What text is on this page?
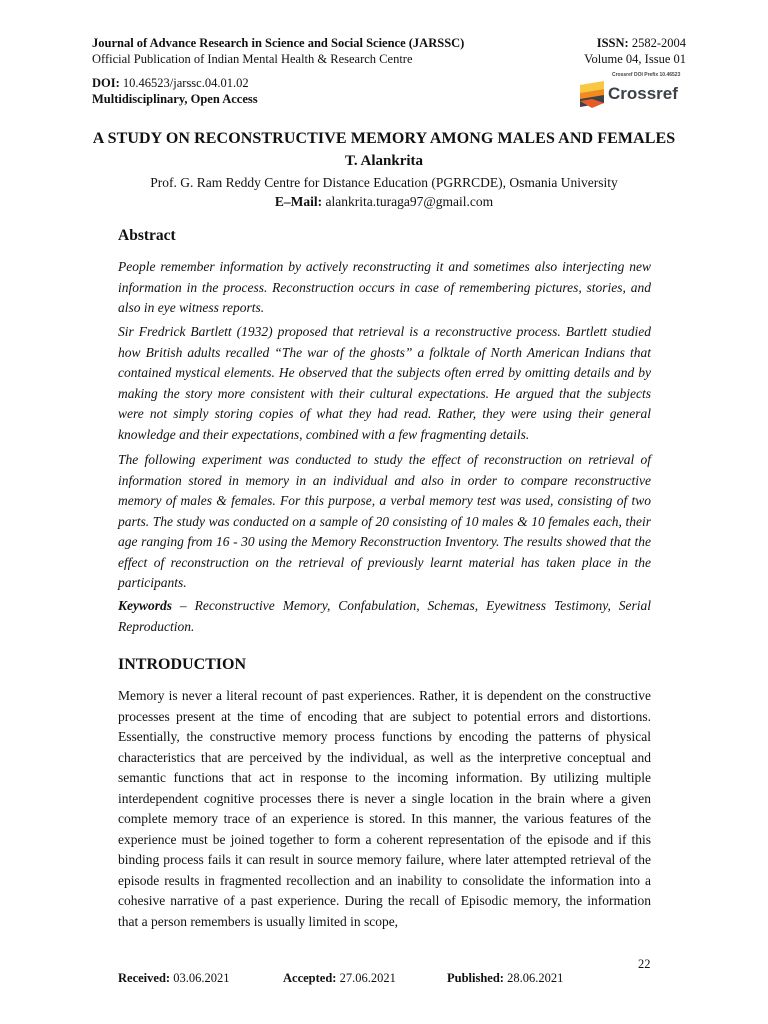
Journal of Advance Research in Science and Social Science (JARSSC)
Official Publication of Indian Mental Health & Research Centre
DOI: 10.46523/jarssc.04.01.02
Multidisciplinary, Open Access
ISSN: 2582-2004
Volume 04, Issue 01
Crossref DOI Prefix 10.46523
Crossref
A STUDY ON RECONSTRUCTIVE MEMORY AMONG MALES AND FEMALES
T. Alankrita
Prof. G. Ram Reddy Centre for Distance Education (PGRRCDE), Osmania University
E–Mail: alankrita.turaga97@gmail.com
Abstract
People remember information by actively reconstructing it and sometimes also interjecting new information in the process. Reconstruction occurs in case of remembering pictures, stories, and also in eye witness reports.
Sir Fredrick Bartlett (1932) proposed that retrieval is a reconstructive process. Bartlett studied how British adults recalled “The war of the ghosts” a folktale of North American Indians that contained mystical elements. He observed that the subjects often erred by omitting details and by making the story more consistent with their cultural expectations. He argued that the subjects were not simply storing copies of what they had read. Rather, they were using their general knowledge and their expectations, combined with a few fragmenting details.
The following experiment was conducted to study the effect of reconstruction on retrieval of information stored in memory in an individual and also in order to compare reconstructive memory of males & females. For this purpose, a verbal memory test was used, consisting of two parts. The study was conducted on a sample of 20 consisting of 10 males & 10 females each, their age ranging from 16 - 30 using the Memory Reconstruction Inventory. The results showed that the effect of reconstruction on the retrieval of previously learnt material has taken place in the participants.
Keywords – Reconstructive Memory, Confabulation, Schemas, Eyewitness Testimony, Serial Reproduction.
INTRODUCTION
Memory is never a literal recount of past experiences. Rather, it is dependent on the constructive processes present at the time of encoding that are subject to potential errors and distortions. Essentially, the constructive memory process functions by encoding the patterns of physical characteristics that are perceived by the individual, as well as the interpretive conceptual and semantic functions that act in response to the incoming information. By utilizing multiple interdependent cognitive processes there is never a single location in the brain where a given complete memory trace of an experience is stored. In this manner, the various features of the experience must be joined together to form a coherent representation of the episode and if this binding process fails it can result in source memory failure, where later attempted retrieval of the episode results in fragmented recollection and an inability to consolidate the information into a cohesive narrative of a past experience. During the recall of Episodic memory, the information that a person remembers is usually limited in scope,
22
Received: 03.06.2021	Accepted: 27.06.2021	Published: 28.06.2021
